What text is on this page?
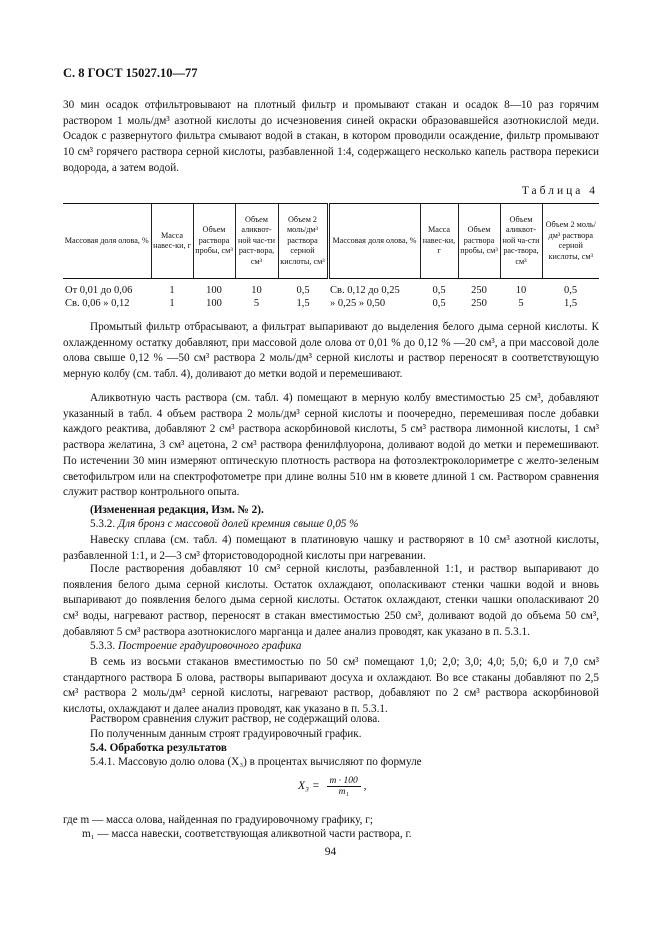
С. 8 ГОСТ 15027.10—77

30 мин осадок отфильтровывают на плотный фильтр и промывают стакан и осадок 8—10 раз горячим раствором 1 моль/дм³ азотной кислоты до исчезновения синей окраски образовавшейся азотнокислой меди. Осадок с развернутого фильтра смывают водой в стакан, в котором проводили осаждение, фильтр промывают 10 см³ горячего раствора серной кислоты, разбавленной 1:4, содержащего несколько капель раствора перекиси водорода, а затем водой.

Таблица 4
Массовая доля олова, %	Масса навес-ки, г	Объем раствора пробы, см³	Объем аликвот-ной час-ти раст-вора, см³	Объем 2 моль/дм³ раствора серной кислоты, см³	Массовая доля олова, %	Масса навес-ки, г	Объем раствора пробы, см³	Объем аликвот-ной ча-сти рас-твора, см³	Объем 2 моль/дм³ раствора серной кислоты, см³
От 0,01 до 0,06	1	100	10	0,5	Св. 0,12 до 0,25	0,5	250	10	0,5
Св. 0,06 » 0,12	1	100	5	1,5	» 0,25 » 0,50	0,5	250	5	1,5

Промытый фильтр отбрасывают, а фильтрат выпаривают до выделения белого дыма серной кислоты. К охлажденному остатку добавляют, при массовой доле олова от 0,01 % до 0,12 % —20 см³, а при массовой доле олова свыше 0,12 % —50 см³ раствора 2 моль/дм³ серной кислоты и раствор переносят в соответствующую мерную колбу (см. табл. 4), доливают до метки водой и перемешивают.

Аликвотную часть раствора (см. табл. 4) помещают в мерную колбу вместимостью 25 см³, добавляют указанный в табл. 4 объем раствора 2 моль/дм³ серной кислоты и поочередно, перемешивая после добавки каждого реактива, добавляют 2 см³ раствора аскорбиновой кислоты, 5 см³ раствора лимонной кислоты, 1 см³ раствора желатина, 3 см³ ацетона, 2 см³ раствора фенилфлуорона, доливают водой до метки и перемешивают. По истечении 30 мин измеряют оптическую плотность раствора на фотоэлектроколориметре с желто-зеленым светофильтром или на спектрофотометре при длине волны 510 нм в кювете длиной 1 см. Раствором сравнения служит раствор контрольного опыта.

(Измененная редакция, Изм. № 2).
5.3.2. Для бронз с массовой долей кремния свыше 0,05 %

Навеску сплава (см. табл. 4) помещают в платиновую чашку и растворяют в 10 см³ азотной кислоты, разбавленной 1:1, и 2—3 см³ фтористоводородной кислоты при нагревании.

После растворения добавляют 10 см³ серной кислоты, разбавленной 1:1, и раствор выпаривают до появления белого дыма серной кислоты. Остаток охлаждают, ополаскивают стенки чашки водой и вновь выпаривают до появления белого дыма серной кислоты. Остаток охлаждают, стенки чашки ополаскивают 20 см³ воды, нагревают раствор, переносят в стакан вместимостью 250 см³, доливают водой до объема 50 см³, добавляют 5 см³ раствора азотнокислого марганца и далее анализ проводят, как указано в п. 5.3.1.

5.3.3. Построение градуировочного графика

В семь из восьми стаканов вместимостью по 50 см³ помещают 1,0; 2,0; 3,0; 4,0; 5,0; 6,0 и 7,0 см³ стандартного раствора Б олова, растворы выпаривают досуха и охлаждают. Во все стаканы добавляют по 2,5 см³ раствора 2 моль/дм³ серной кислоты, нагревают раствор, добавляют по 2 см³ раствора аскорбиновой кислоты, охлаждают и далее анализ проводят, как указано в п. 5.3.1.

Раствором сравнения служит раствор, не содержащий олова.
По полученным данным строят градуировочный график.
5.4. Обработка результатов
5.4.1. Массовую долю олова (X₃) в процентах вычисляют по формуле
$X_3 = \frac{m \cdot 100}{\text{m₁}}$ ,
где m — масса олова, найденная по градуировочному графику, г;
m₁ — масса навески, соответствующая аликвотной части раствора, г.
94
